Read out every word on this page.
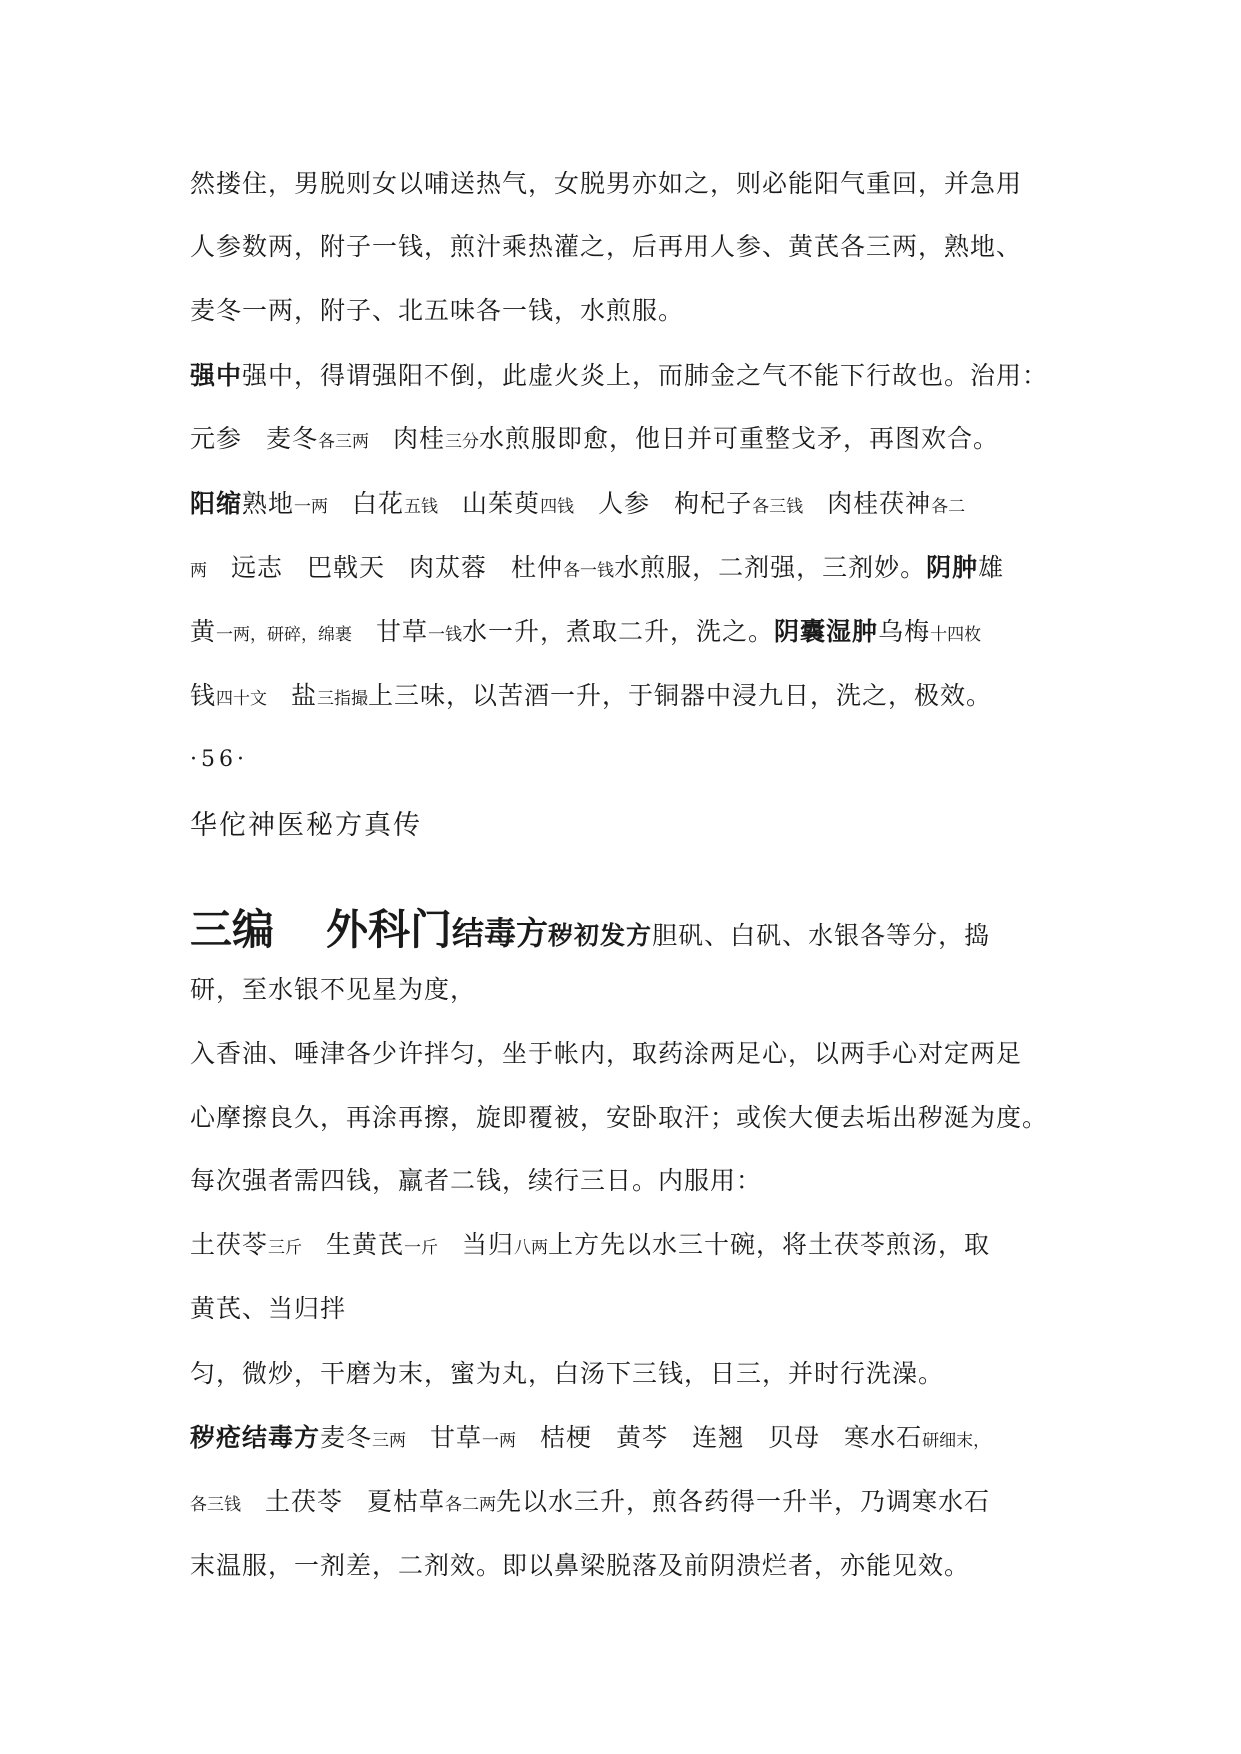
然搂住，男脱则女以哺送热气，女脱男亦如之，则必能阳气重回，并急用
人参数两，附子一钱，煎汁乘热灌之，后再用人参、黄芪各三两，熟地、
麦冬一两，附子、北五味各一钱，水煎服。
强中强中，得谓强阳不倒，此虚火炎上，而肺金之气不能下行故也。治用：
元参 麦冬各三两 肉桂三分水煎服即愈，他日并可重整戈矛，再图欢合。
阳缩熟地一两 白花五钱 山茱萸四钱 人参 枸杞子各三钱 肉桂茯神各二
两 远志 巴戟天 肉苁蓉 杜仲各一钱水煎服，二剂强，三剂妙。阴肿雄
黄一两，研碎，绵裹 甘草一钱水一升，煮取二升，洗之。阴囊湿肿乌梅十四枚
钱四十文 盐三指撮上三味，以苦酒一升，于铜器中浸九日，洗之，极效。
·56·
华佗神医秘方真传
三编 外科门结毒方秽初发方胆矾、白矾、水银各等分，捣
研，至水银不见星为度，
入香油、唾津各少许拌匀，坐于帐内，取药涂两足心，以两手心对定两足
心摩擦良久，再涂再擦，旋即覆被，安卧取汗；或俟大便去垢出秽涎为度。
每次强者需四钱，羸者二钱，续行三日。内服用：
土茯苓三斤 生黄芪一斤 当归八两上方先以水三十碗，将土茯苓煎汤，取
黄芪、当归拌
匀，微炒，干磨为末，蜜为丸，白汤下三钱，日三，并时行洗澡。
秽疮结毒方麦冬三两 甘草一两 桔梗 黄芩 连翘 贝母 寒水石研细末，
各三钱 土茯苓 夏枯草各二两先以水三升，煎各药得一升半，乃调寒水石
末温服，一剂差，二剂效。即以鼻梁脱落及前阴溃烂者，亦能见效。
